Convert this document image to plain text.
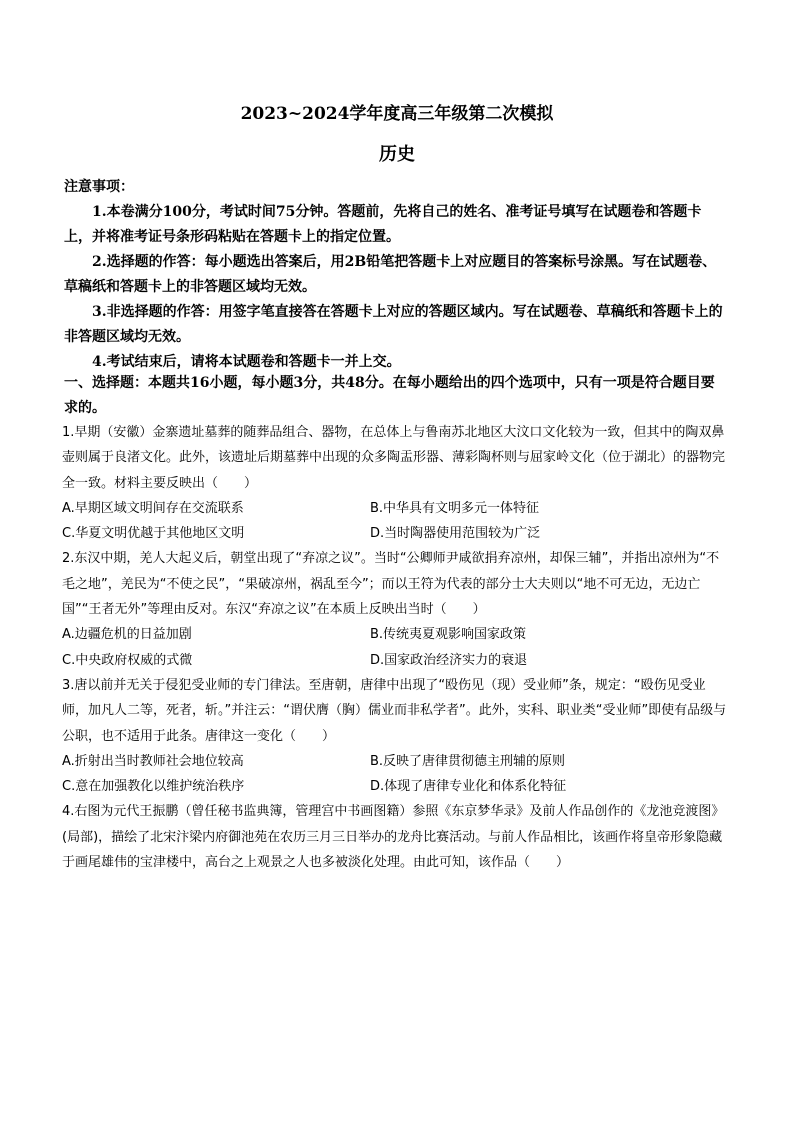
2023~2024学年度高三年级第二次模拟
历史

注意事项：

1.本卷满分100分，考试时间75分钟。答题前，先将自己的姓名、准考证号填写在试题卷和答题卡上，并将准考证号条形码粘贴在答题卡上的指定位置。

2.选择题的作答：每小题选出答案后，用2B铅笔把答题卡上对应题目的答案标号涂黑。写在试题卷、草稿纸和答题卡上的非答题区域均无效。

3.非选择题的作答：用签字笔直接答在答题卡上对应的答题区域内。写在试题卷、草稿纸和答题卡上的非答题区域均无效。

4.考试结束后，请将本试题卷和答题卡一并上交。

一、选择题：本题共16小题，每小题3分，共48分。在每小题给出的四个选项中，只有一项是符合题目要求的。

1.早期（安徽）金寨遗址墓葬的随葬品组合、器物，在总体上与鲁南苏北地区大汶口文化较为一致，但其中的陶双鼻壶则属于良渚文化。此外，该遗址后期墓葬中出现的众多陶盂形器、薄彩陶杯则与屈家岭文化（位于湖北）的器物完全一致。材料主要反映出（　　）

A.早期区域文明间存在交流联系	B.中华具有文明多元一体特征
C.华夏文明优越于其他地区文明	D.当时陶器使用范围较为广泛

2.东汉中期，羌人大起义后，朝堂出现了“弃凉之议”。当时“公卿师尹咸欲捐弃凉州，却保三辅”，并指出凉州为“不毛之地”，羌民为“不使之民”，“果破凉州，祸乱至今”；而以王符为代表的部分士大夫则以“地不可无边，无边亡国”“王者无外”等理由反对。东汉“弃凉之议”在本质上反映出当时（　　）

A.边疆危机的日益加剧	B.传统夷夏观影响国家政策
C.中央政府权威的式微	D.国家政治经济实力的衰退

3.唐以前并无关于侵犯受业师的专门律法。至唐朝，唐律中出现了“殴伤见（现）受业师”条，规定：“殴伤见受业师，加凡人二等，死者，斩。”并注云：“谓伏膺（胸）儒业而非私学者”。此外，实科、职业类“受业师”即使有品级与公职，也不适用于此条。唐律这一变化（　　）

A.折射出当时教师社会地位较高	B.反映了唐律贯彻德主刑辅的原则
C.意在加强教化以维护统治秩序	D.体现了唐律专业化和体系化特征

4.右图为元代王振鹏（曾任秘书监典簿，管理宫中书画图籍）参照《东京梦华录》及前人作品创作的《龙池竞渡图》(局部)，描绘了北宋汴梁内府御池苑在农历三月三日举办的龙舟比赛活动。与前人作品相比，该画作将皇帝形象隐藏于画尾雄伟的宝津楼中，高台之上观景之人也多被淡化处理。由此可知，该作品（　　）
